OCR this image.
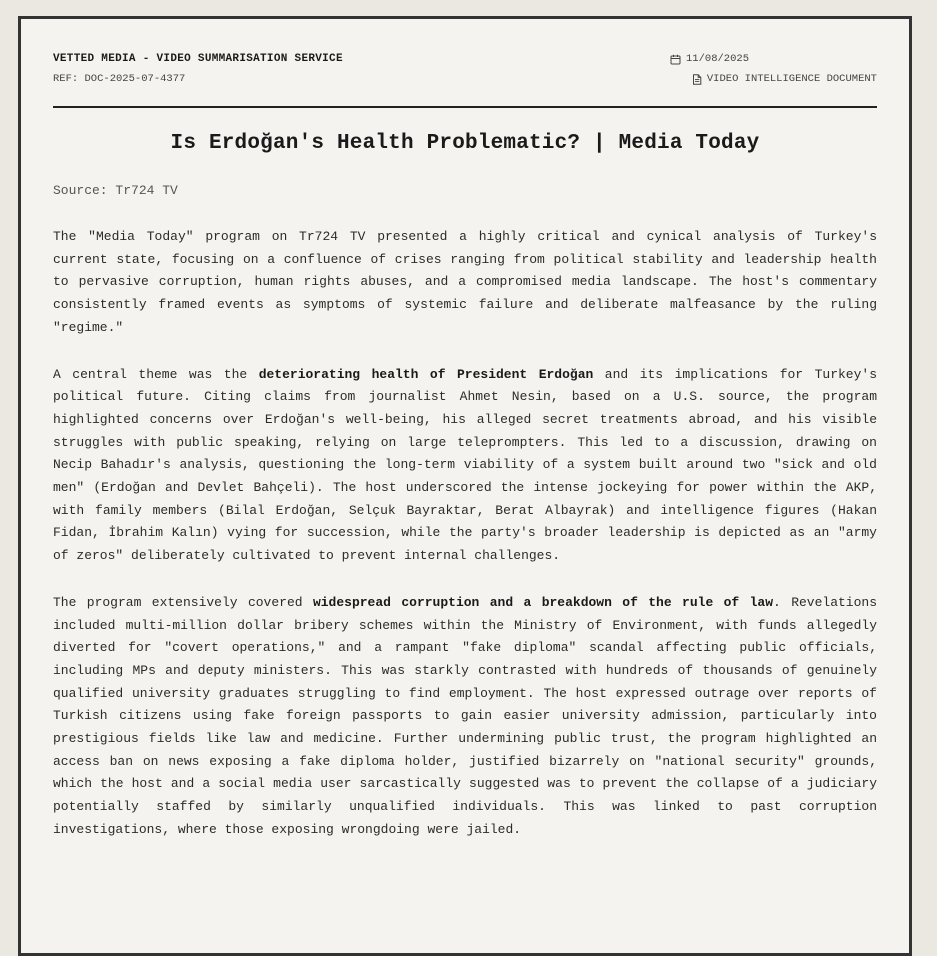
VETTED MEDIA - VIDEO SUMMARISATION SERVICE
REF: DOC-2025-07-4377
11/08/2025
VIDEO INTELLIGENCE DOCUMENT
Is Erdoğan's Health Problematic? | Media Today
Source: Tr724 TV

The "Media Today" program on Tr724 TV presented a highly critical and cynical analysis of Turkey's current state, focusing on a confluence of crises ranging from political stability and leadership health to pervasive corruption, human rights abuses, and a compromised media landscape. The host's commentary consistently framed events as symptoms of systemic failure and deliberate malfeasance by the ruling "regime."

A central theme was the deteriorating health of President Erdoğan and its implications for Turkey's political future. Citing claims from journalist Ahmet Nesin, based on a U.S. source, the program highlighted concerns over Erdoğan's well-being, his alleged secret treatments abroad, and his visible struggles with public speaking, relying on large teleprompters. This led to a discussion, drawing on Necip Bahadır's analysis, questioning the long-term viability of a system built around two "sick and old men" (Erdoğan and Devlet Bahçeli). The host underscored the intense jockeying for power within the AKP, with family members (Bilal Erdoğan, Selçuk Bayraktar, Berat Albayrak) and intelligence figures (Hakan Fidan, İbrahim Kalın) vying for succession, while the party's broader leadership is depicted as an "army of zeros" deliberately cultivated to prevent internal challenges.

The program extensively covered widespread corruption and a breakdown of the rule of law. Revelations included multi-million dollar bribery schemes within the Ministry of Environment, with funds allegedly diverted for "covert operations," and a rampant "fake diploma" scandal affecting public officials, including MPs and deputy ministers. This was starkly contrasted with hundreds of thousands of genuinely qualified university graduates struggling to find employment. The host expressed outrage over reports of Turkish citizens using fake foreign passports to gain easier university admission, particularly into prestigious fields like law and medicine. Further undermining public trust, the program highlighted an access ban on news exposing a fake diploma holder, justified bizarrely on "national security" grounds, which the host and a social media user sarcastically suggested was to prevent the collapse of a judiciary potentially staffed by similarly unqualified individuals. This was linked to past corruption investigations, where those exposing wrongdoing were jailed.
